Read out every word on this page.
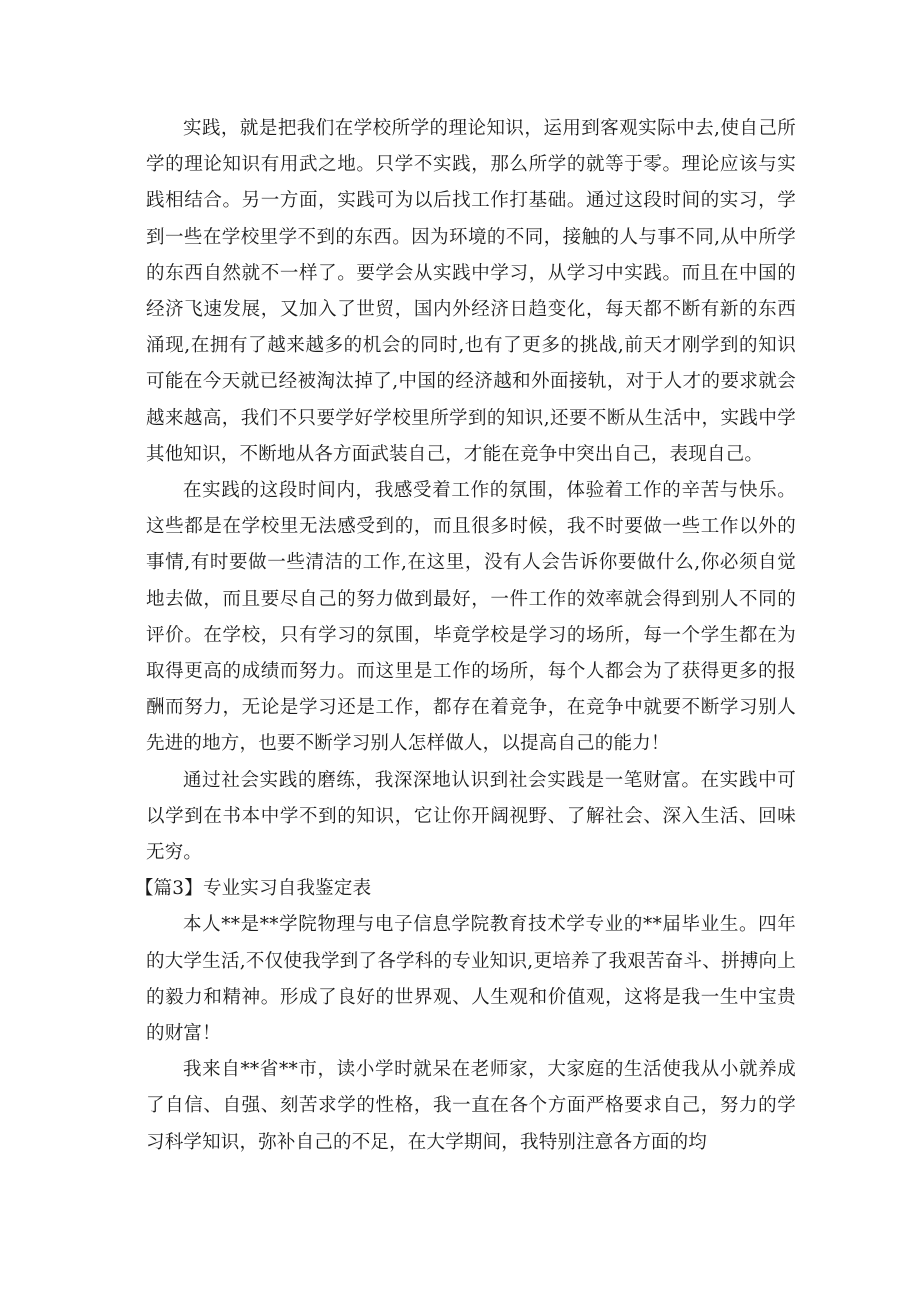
实践，就是把我们在学校所学的理论知识，运用到客观实际中去,使自己所学的理论知识有用武之地。只学不实践，那么所学的就等于零。理论应该与实践相结合。另一方面，实践可为以后找工作打基础。通过这段时间的实习，学到一些在学校里学不到的东西。因为环境的不同，接触的人与事不同,从中所学的东西自然就不一样了。要学会从实践中学习，从学习中实践。而且在中国的经济飞速发展，又加入了世贸，国内外经济日趋变化，每天都不断有新的东西涌现,在拥有了越来越多的机会的同时,也有了更多的挑战,前天才刚学到的知识可能在今天就已经被淘汰掉了,中国的经济越和外面接轨，对于人才的要求就会越来越高，我们不只要学好学校里所学到的知识,还要不断从生活中，实践中学其他知识，不断地从各方面武装自己，才能在竞争中突出自己，表现自己。

在实践的这段时间内，我感受着工作的氛围，体验着工作的辛苦与快乐。这些都是在学校里无法感受到的，而且很多时候，我不时要做一些工作以外的事情,有时要做一些清洁的工作,在这里，没有人会告诉你要做什么,你必须自觉地去做，而且要尽自己的努力做到最好，一件工作的效率就会得到别人不同的评价。在学校，只有学习的氛围，毕竟学校是学习的场所，每一个学生都在为取得更高的成绩而努力。而这里是工作的场所，每个人都会为了获得更多的报酬而努力，无论是学习还是工作，都存在着竞争，在竞争中就要不断学习别人先进的地方，也要不断学习别人怎样做人，以提高自己的能力！

通过社会实践的磨练，我深深地认识到社会实践是一笔财富。在实践中可以学到在书本中学不到的知识，它让你开阔视野、了解社会、深入生活、回味无穷。

【篇3】专业实习自我鉴定表

本人**是**学院物理与电子信息学院教育技术学专业的**届毕业生。四年的大学生活,不仅使我学到了各学科的专业知识,更培养了我艰苦奋斗、拼搏向上的毅力和精神。形成了良好的世界观、人生观和价值观，这将是我一生中宝贵的财富！

我来自**省**市，读小学时就呆在老师家，大家庭的生活使我从小就养成了自信、自强、刻苦求学的性格，我一直在各个方面严格要求自己，努力的学习科学知识，弥补自己的不足，在大学期间，我特别注意各方面的均
